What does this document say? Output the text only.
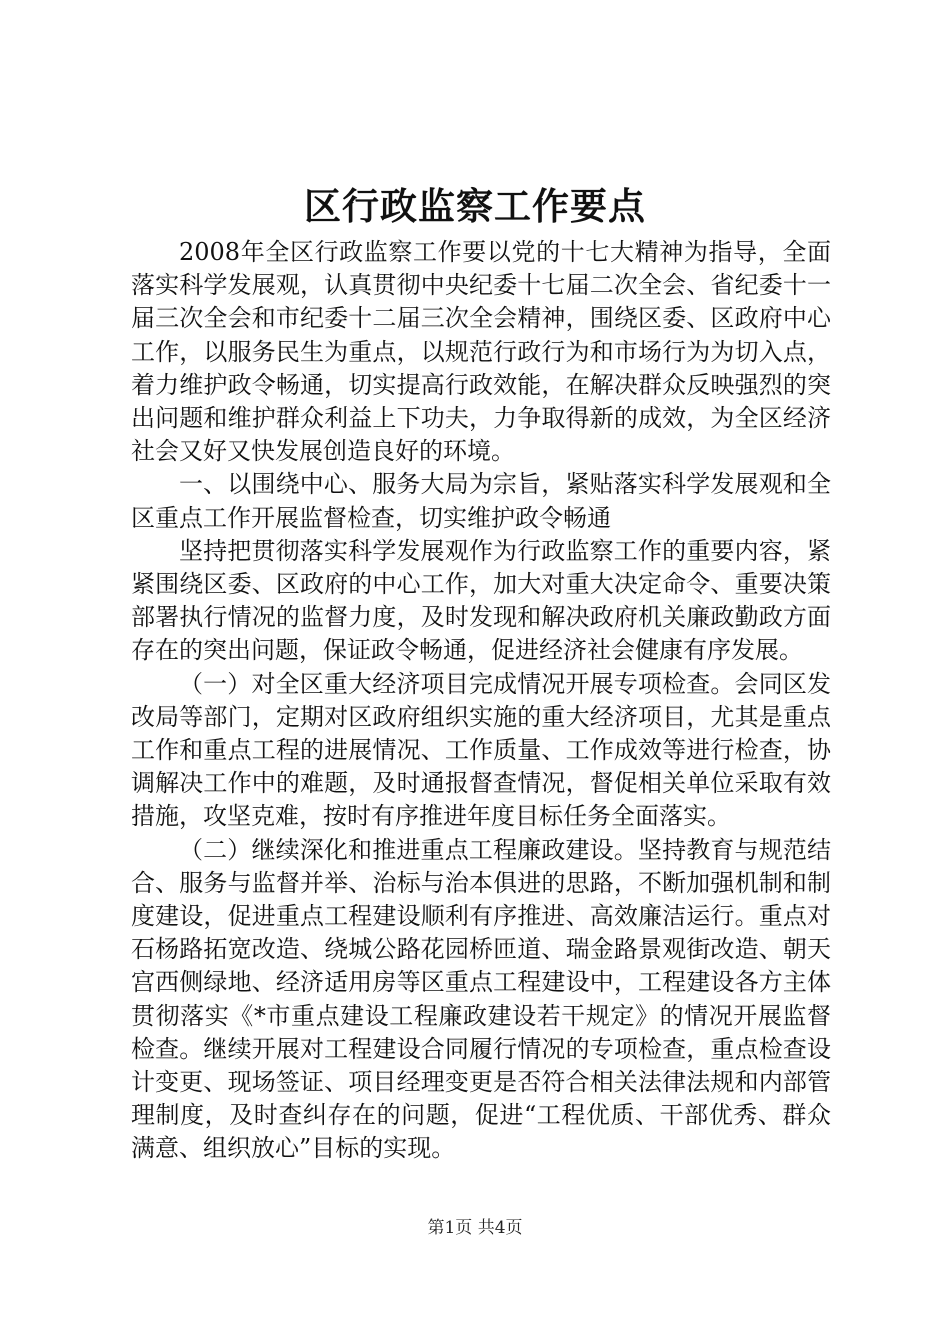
区行政监察工作要点

2008年全区行政监察工作要以党的十七大精神为指导，全面落实科学发展观，认真贯彻中央纪委十七届二次全会、省纪委十一届三次全会和市纪委十二届三次全会精神，围绕区委、区政府中心工作，以服务民生为重点，以规范行政行为和市场行为为切入点，着力维护政令畅通，切实提高行政效能，在解决群众反映强烈的突出问题和维护群众利益上下功夫，力争取得新的成效，为全区经济社会又好又快发展创造良好的环境。

一、以围绕中心、服务大局为宗旨，紧贴落实科学发展观和全区重点工作开展监督检查，切实维护政令畅通

坚持把贯彻落实科学发展观作为行政监察工作的重要内容，紧紧围绕区委、区政府的中心工作，加大对重大决定命令、重要决策部署执行情况的监督力度，及时发现和解决政府机关廉政勤政方面存在的突出问题，保证政令畅通，促进经济社会健康有序发展。

（一）对全区重大经济项目完成情况开展专项检查。会同区发改局等部门，定期对区政府组织实施的重大经济项目，尤其是重点工作和重点工程的进展情况、工作质量、工作成效等进行检查，协调解决工作中的难题，及时通报督查情况，督促相关单位采取有效措施，攻坚克难，按时有序推进年度目标任务全面落实。

（二）继续深化和推进重点工程廉政建设。坚持教育与规范结合、服务与监督并举、治标与治本俱进的思路，不断加强机制和制度建设，促进重点工程建设顺利有序推进、高效廉洁运行。重点对石杨路拓宽改造、绕城公路花园桥匝道、瑞金路景观街改造、朝天宫西侧绿地、经济适用房等区重点工程建设中，工程建设各方主体贯彻落实《*市重点建设工程廉政建设若干规定》的情况开展监督检查。继续开展对工程建设合同履行情况的专项检查，重点检查设计变更、现场签证、项目经理变更是否符合相关法律法规和内部管理制度，及时查纠存在的问题，促进“工程优质、干部优秀、群众满意、组织放心”目标的实现。

第1页 共4页
